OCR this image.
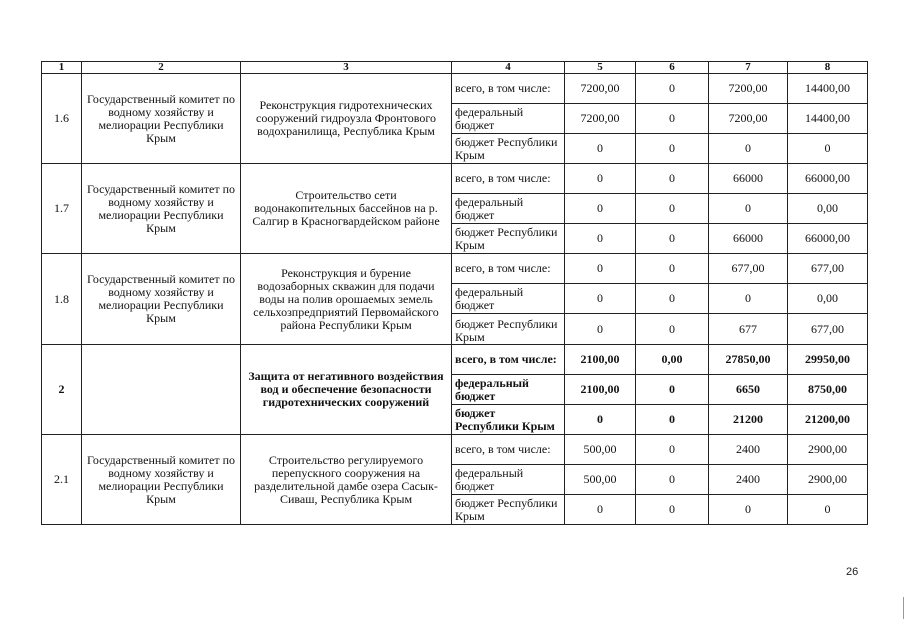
1	2	3	4	5	6	7	8
1.6	Государственный комитет по водному хозяйству и мелиорации Республики Крым	Реконструкция гидротехнических сооружений гидроузла Фронтового водохранилища, Республика Крым	всего, в том числе:	7200,00	0	7200,00	14400,00
			федеральный бюджет	7200,00	0	7200,00	14400,00
			бюджет Республики Крым	0	0	0	0
1.7	Государственный комитет по водному хозяйству и мелиорации Республики Крым	Строительство сети водонакопительных бассейнов на р. Салгир в Красногвардейском районе	всего, в том числе:	0	0	66000	66000,00
			федеральный бюджет	0	0	0	0,00
			бюджет Республики Крым	0	0	66000	66000,00
1.8	Государственный комитет по водному хозяйству и мелиорации Республики Крым	Реконструкция и бурение водозаборных скважин для подачи воды на полив орошаемых земель сельхозпредприятий Первомайского района Республики Крым	всего, в том числе:	0	0	677,00	677,00
			федеральный бюджет	0	0	0	0,00
			бюджет Республики Крым	0	0	677	677,00
2		Защита от негативного воздействия вод и обеспечение безопасности гидротехнических сооружений	всего, в том числе:	2100,00	0,00	27850,00	29950,00
			федеральный бюджет	2100,00	0	6650	8750,00
			бюджет Республики Крым	0	0	21200	21200,00
2.1	Государственный комитет по водному хозяйству и мелиорации Республики Крым	Строительство регулируемого перепускного сооружения на разделительной дамбе озера Сасык-Сиваш, Республика Крым	всего, в том числе:	500,00	0	2400	2900,00
			федеральный бюджет	500,00	0	2400	2900,00
			бюджет Республики Крым	0	0	0	0
26
